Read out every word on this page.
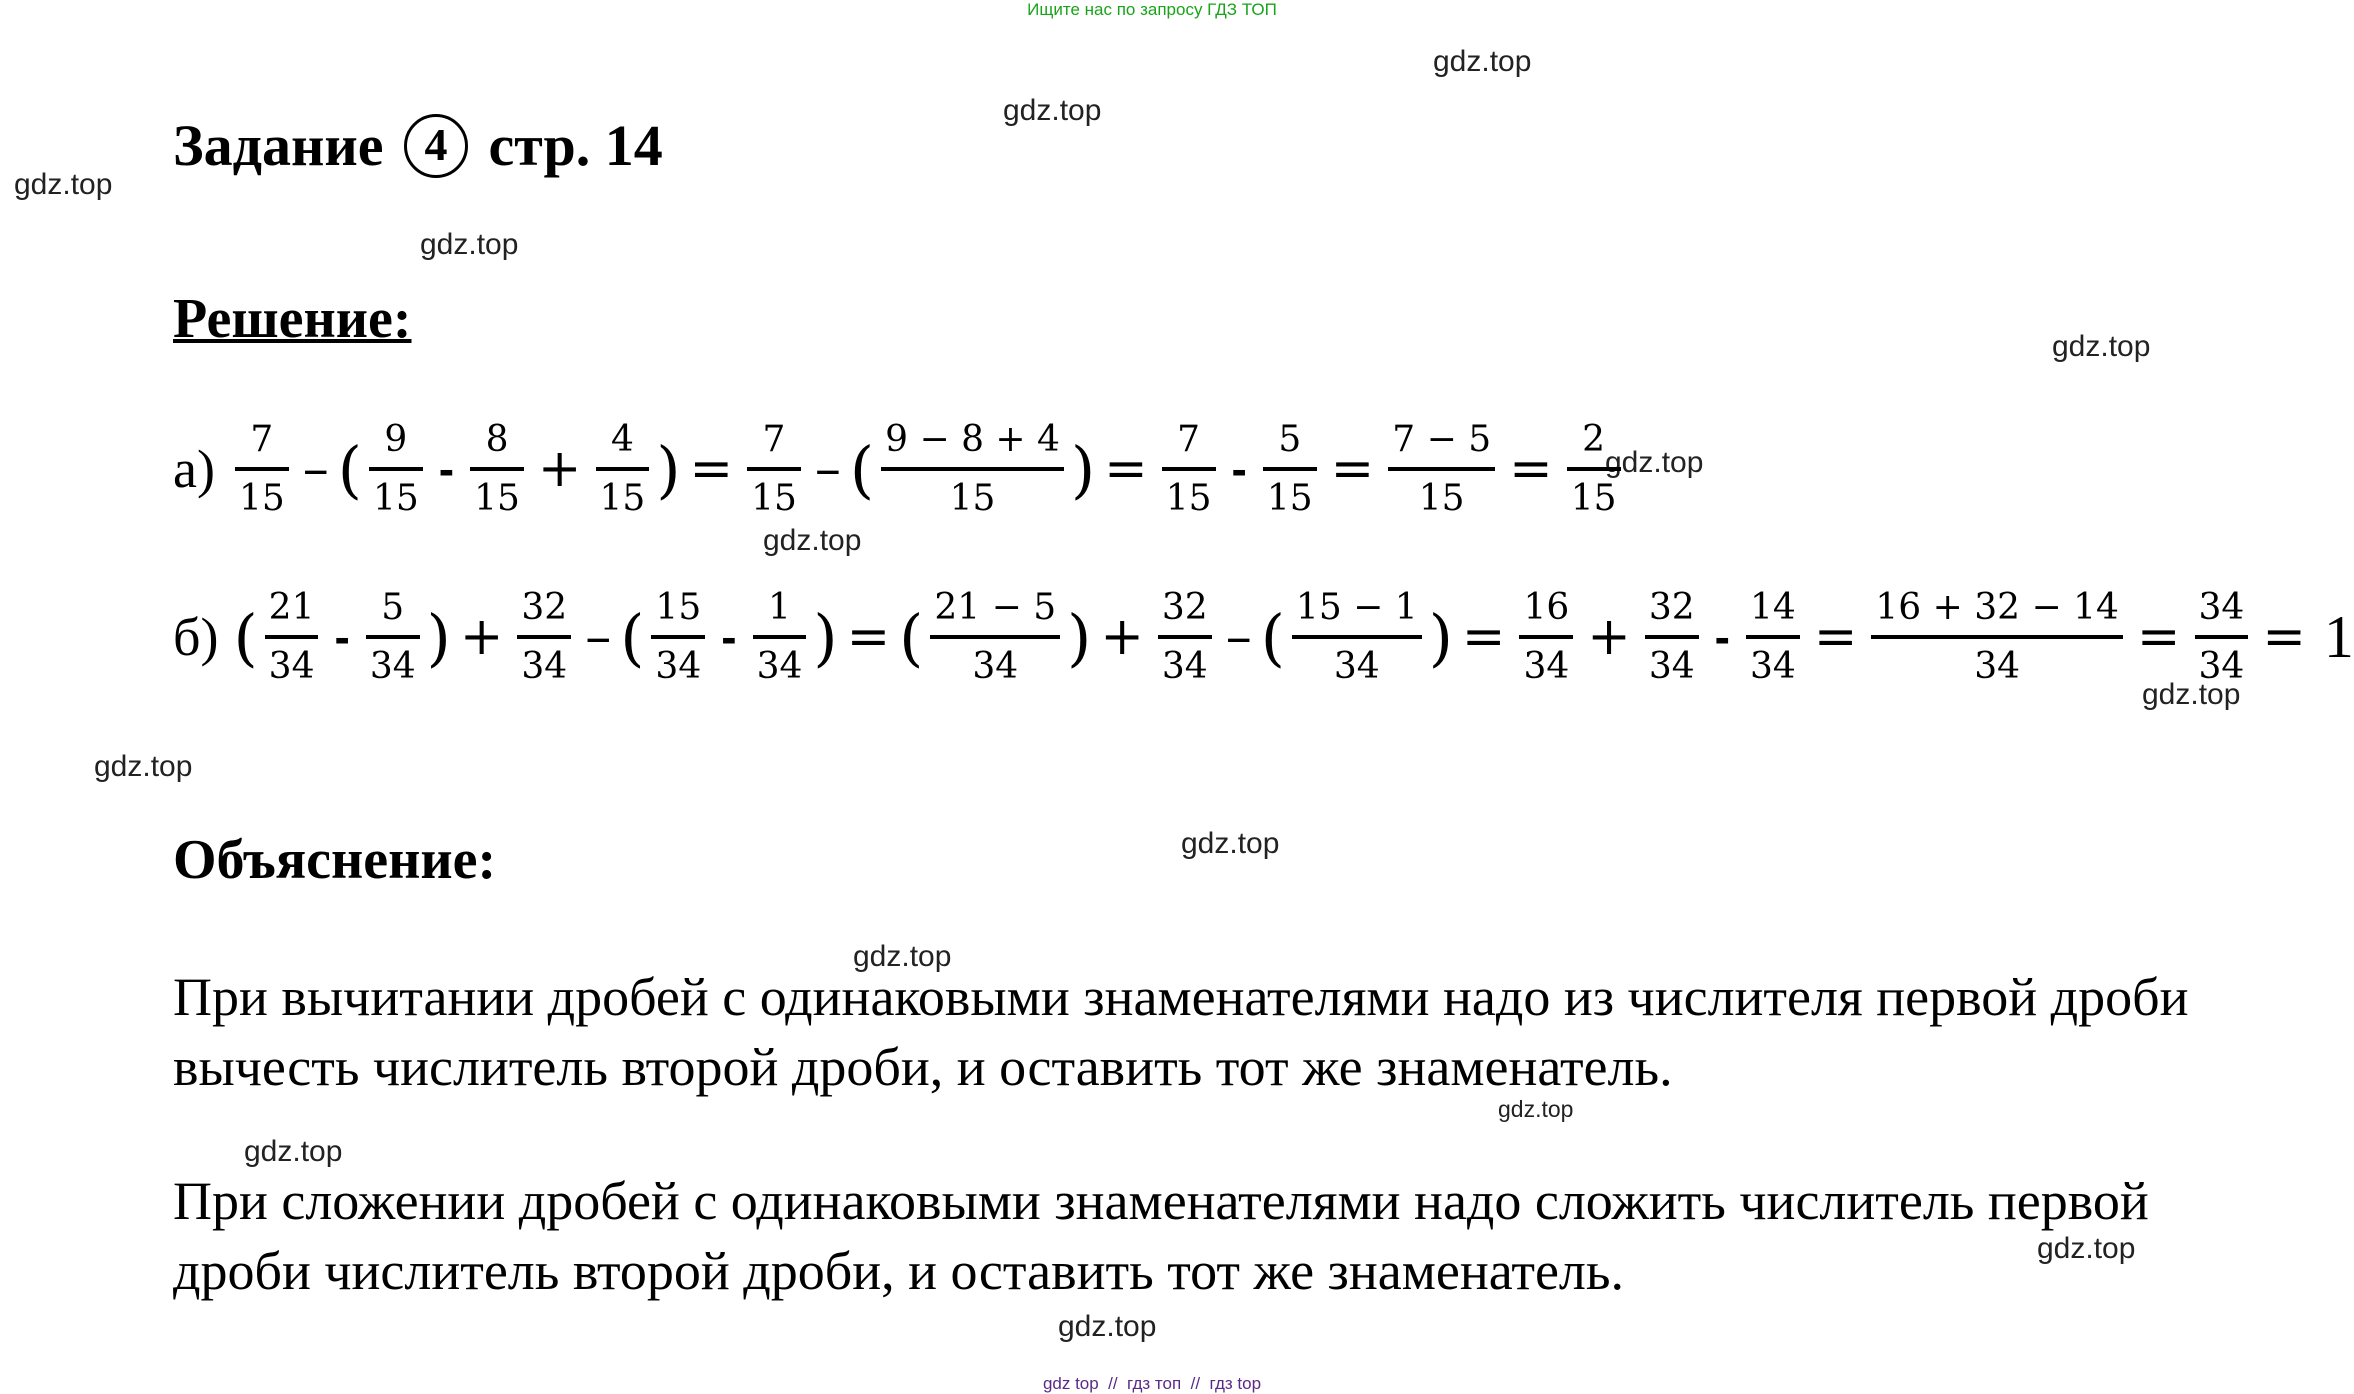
Ищите нас по запросу ГДЗ ТОП
gdz.top
gdz.top
gdz.top
gdz.top
gdz.top
gdz.top
gdz.top
gdz.top
gdz.top
gdz.top
gdz.top
gdz.top
gdz.top
gdz.top
gdz.top
Задание 4 стр. 14
Решение:
$а) \frac{7}{15}$ – ( $\frac{9}{15} - \frac{8}{15} + \frac{4}{15}$ ) = $\frac{7}{15}$ – ( $\frac{9 - 8 + 4}{15}$ ) = $\frac{7}{15} - \frac{5}{15} = \frac{7 - 5}{15} = \frac{2}{15}$
б) ( $\frac{21}{34} - \frac{5}{34}$ ) + $\frac{32}{34}$ – ( $\frac{15}{34} - \frac{1}{34}$ ) = ( $\frac{21 - 5}{34}$ ) + $\frac{32}{34}$ – ( $\frac{15 - 1}{34}$ ) = $\frac{16}{34} + \frac{32}{34} - \frac{14}{34} = \frac{16 + 32 - 14}{34} = \frac{34}{34} = 1$
Объяснение:
При вычитании дробей с одинаковыми знаменателями надо из числителя первой дроби вычесть числитель второй дроби, и оставить тот же знаменатель.
При сложении дробей с одинаковыми знаменателями надо сложить числитель первой дроби числитель второй дроби, и оставить тот же знаменатель.
gdz top  //  гдз топ  //  гдз top
